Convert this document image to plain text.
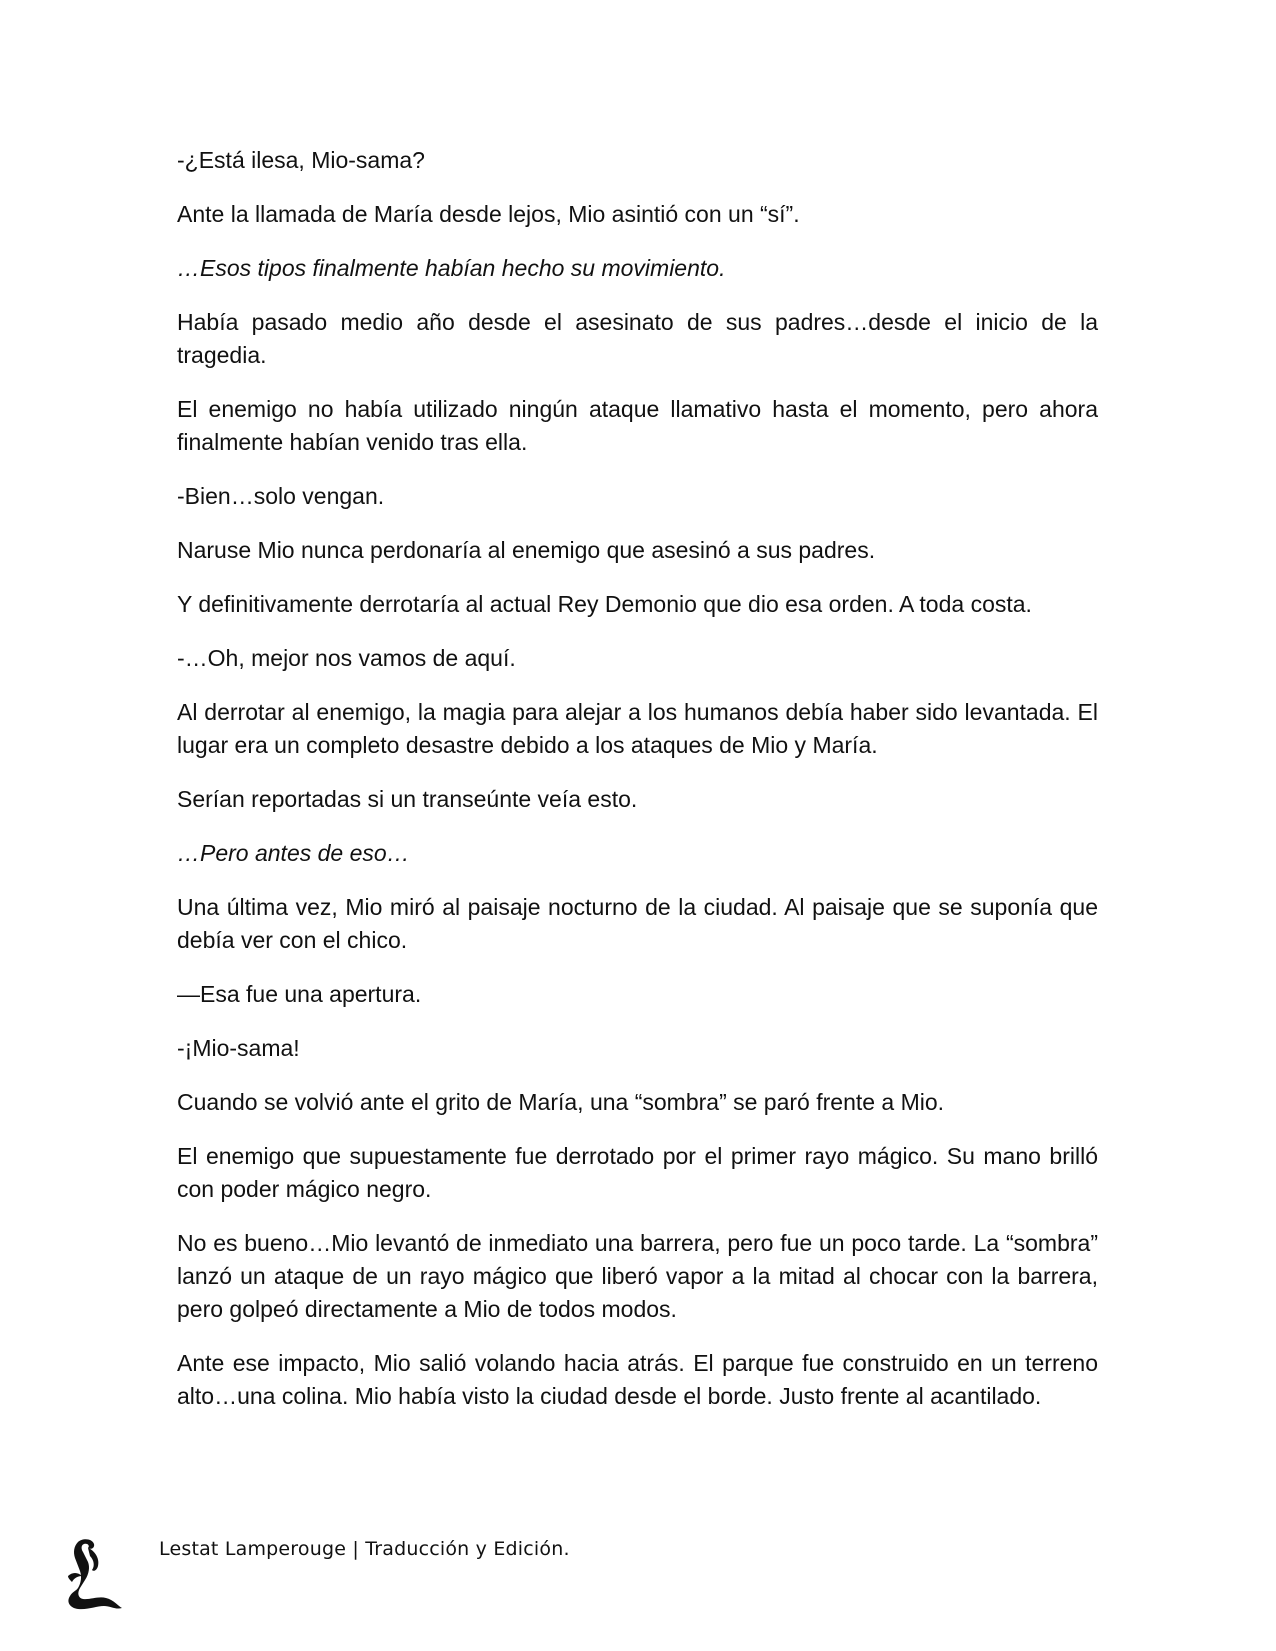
-¿Está ilesa, Mio-sama?

Ante la llamada de María desde lejos, Mio asintió con un “sí”.

…Esos tipos finalmente habían hecho su movimiento.

Había pasado medio año desde el asesinato de sus padres…desde el inicio de la tragedia.

El enemigo no había utilizado ningún ataque llamativo hasta el momento, pero ahora finalmente habían venido tras ella.

-Bien…solo vengan.

Naruse Mio nunca perdonaría al enemigo que asesinó a sus padres.

Y definitivamente derrotaría al actual Rey Demonio que dio esa orden. A toda costa.

-…Oh, mejor nos vamos de aquí.

Al derrotar al enemigo, la magia para alejar a los humanos debía haber sido levantada. El lugar era un completo desastre debido a los ataques de Mio y María.

Serían reportadas si un transeúnte veía esto.

…Pero antes de eso…

Una última vez, Mio miró al paisaje nocturno de la ciudad. Al paisaje que se suponía que debía ver con el chico.

—Esa fue una apertura.

-¡Mio-sama!

Cuando se volvió ante el grito de María, una “sombra” se paró frente a Mio.

El enemigo que supuestamente fue derrotado por el primer rayo mágico. Su mano brilló con poder mágico negro.

No es bueno…Mio levantó de inmediato una barrera, pero fue un poco tarde. La “sombra” lanzó un ataque de un rayo mágico que liberó vapor a la mitad al chocar con la barrera, pero golpeó directamente a Mio de todos modos.

Ante ese impacto, Mio salió volando hacia atrás. El parque fue construido en un terreno alto…una colina. Mio había visto la ciudad desde el borde. Justo frente al acantilado.

Lestat Lamperouge | Traducción y Edición.
